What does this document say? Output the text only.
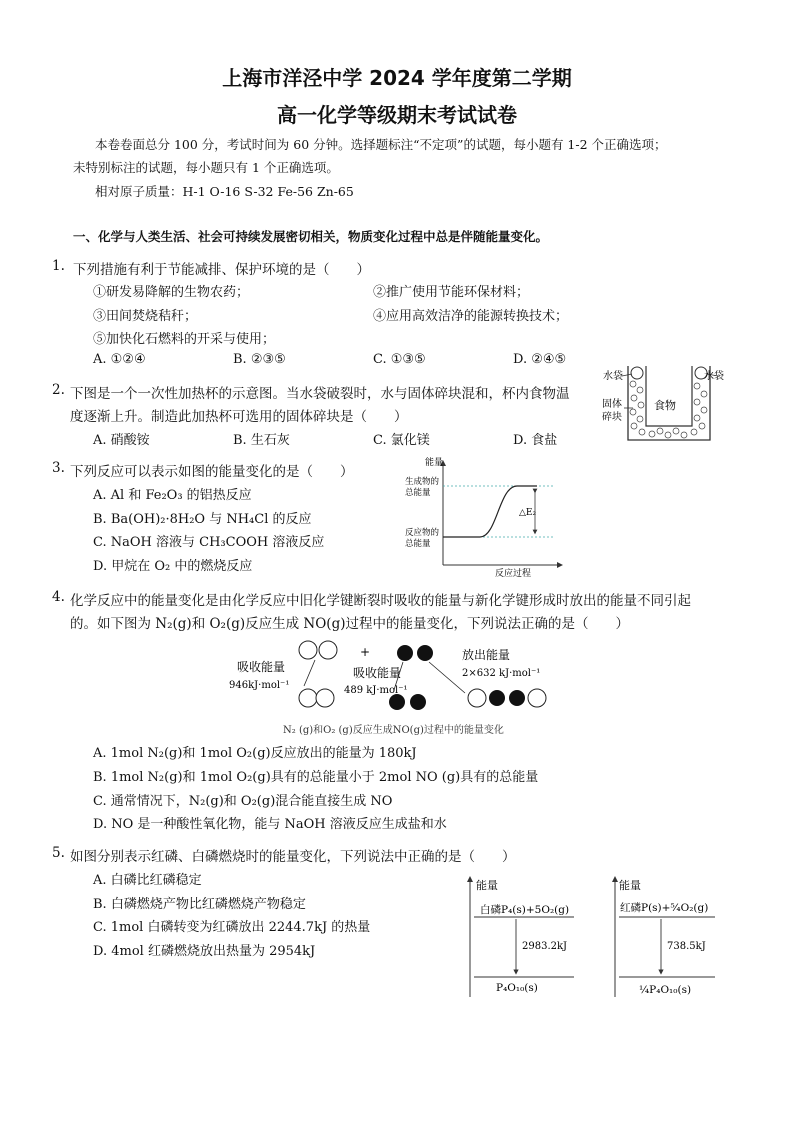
上海市洋泾中学 2024 学年度第二学期
高一化学等级期末考试试卷
本卷卷面总分 100 分，考试时间为 60 分钟。选择题标注“不定项”的试题，每小题有 1-2 个正确选项；
未特别标注的试题，每小题只有 1 个正确选项。
相对原子质量：H-1 O-16 S-32 Fe-56 Zn-65
一、化学与人类生活、社会可持续发展密切相关，物质变化过程中总是伴随能量变化。
1. 下列措施有利于节能减排、保护环境的是（　　）
①研发易降解的生物农药；	②推广使用节能环保材料；
③田间焚烧秸秆；	④应用高效洁净的能源转换技术；
⑤加快化石燃料的开采与使用；
A. ①②④	B. ②③⑤	C. ①③⑤	D. ②④⑤
2. 下图是一个一次性加热杯的示意图。当水袋破裂时，水与固体碎块混和，杯内食物温
度逐渐上升。制造此加热杯可选用的固体碎块是（　　）
A. 硝酸铵	B. 生石灰	C. 氯化镁	D. 食盐
水袋	水袋
固体
碎块
食物
3. 下列反应可以表示如图的能量变化的是（　　）
A. Al 和 Fe₂O₃ 的铝热反应
B. Ba(OH)₂·8H₂O 与 NH₄Cl 的反应
C. NaOH 溶液与 CH₃COOH 溶液反应
D. 甲烷在 O₂ 中的燃烧反应
△E₂
能量
生成物的
总能量
反应物的
总能量
反应过程
4. 化学反应中的能量变化是由化学反应中旧化学键断裂时吸收的能量与新化学键形成时放出的能量不同引起
的。如下图为 N₂(g)和 O₂(g)反应生成 NO(g)过程中的能量变化，下列说法正确的是（　　）
吸收能量
946kJ·mol⁻¹
+
吸收能量
489 kJ·mol⁻¹
放出能量
2×632 kJ·mol⁻¹
N₂ (g)和O₂ (g)反应生成NO(g)过程中的能量变化
A. 1mol N₂(g)和 1mol O₂(g)反应放出的能量为 180kJ
B. 1mol N₂(g)和 1mol O₂(g)具有的总能量小于 2mol NO (g)具有的总能量
C. 通常情况下，N₂(g)和 O₂(g)混合能直接生成 NO
D. NO 是一种酸性氧化物，能与 NaOH 溶液反应生成盐和水
5. 如图分别表示红磷、白磷燃烧时的能量变化，下列说法中正确的是（　　）
A. 白磷比红磷稳定
B. 白磷燃烧产物比红磷燃烧产物稳定
C. 1mol 白磷转变为红磷放出 2244.7kJ 的热量
D. 4mol 红磷燃烧放出热量为 2954kJ
能量
白磷P₄(s)+5O₂(g)
2983.2kJ
P₄O₁₀(s)
能量
红磷P(s)+⁵⁄₄O₂(g)
738.5kJ
¼P₄O₁₀(s)
